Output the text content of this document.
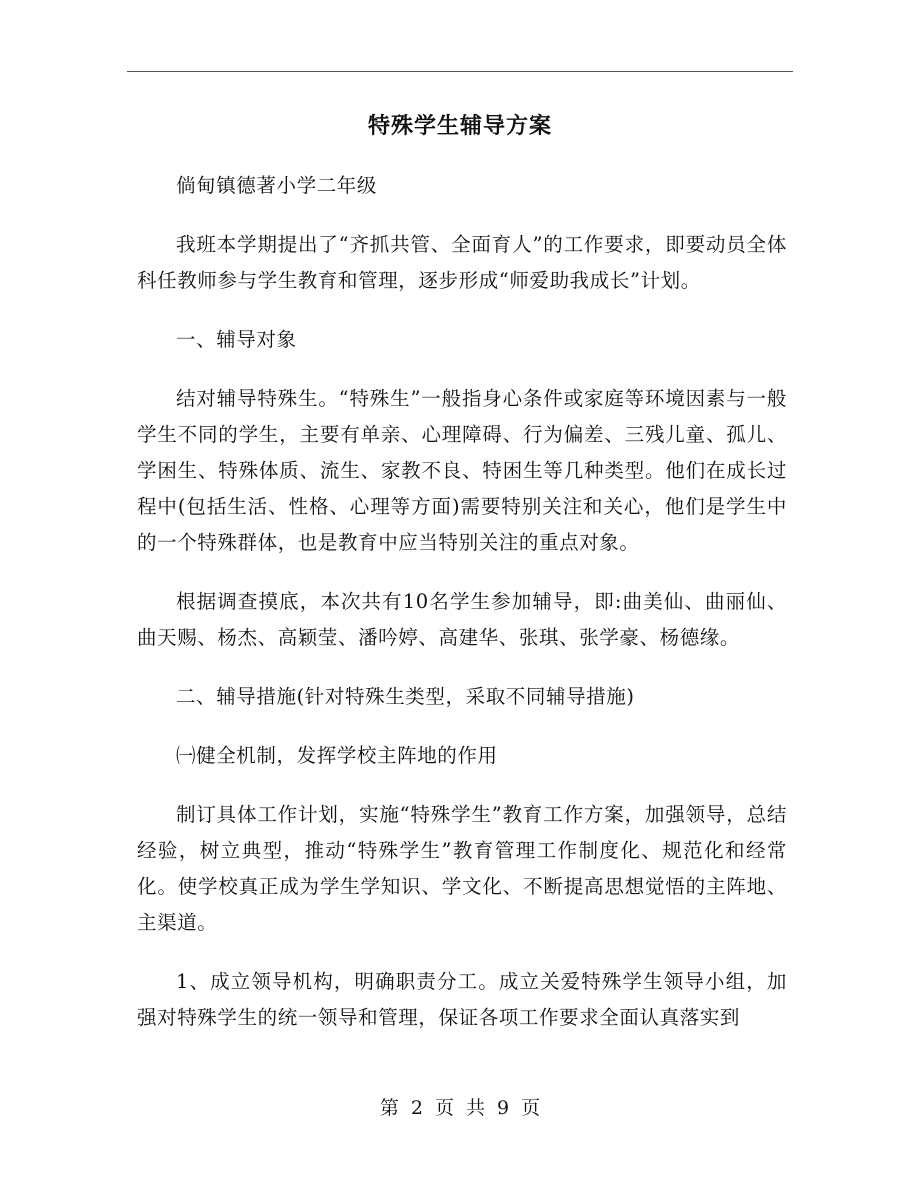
特殊学生辅导方案

倘甸镇德著小学二年级

我班本学期提出了“齐抓共管、全面育人”的工作要求，即要动员全体科任教师参与学生教育和管理，逐步形成“师爱助我成长”计划。

一、辅导对象

结对辅导特殊生。“特殊生”一般指身心条件或家庭等环境因素与一般学生不同的学生，主要有单亲、心理障碍、行为偏差、三残儿童、孤儿、学困生、特殊体质、流生、家教不良、特困生等几种类型。他们在成长过程中(包括生活、性格、心理等方面)需要特别关注和关心，他们是学生中的一个特殊群体，也是教育中应当特别关注的重点对象。

根据调查摸底，本次共有10名学生参加辅导，即:曲美仙、曲丽仙、曲天赐、杨杰、高颖莹、潘吟婷、高建华、张琪、张学豪、杨德缘。

二、辅导措施(针对特殊生类型，采取不同辅导措施)

㈠健全机制，发挥学校主阵地的作用

制订具体工作计划，实施“特殊学生”教育工作方案，加强领导，总结经验，树立典型，推动“特殊学生”教育管理工作制度化、规范化和经常化。使学校真正成为学生学知识、学文化、不断提高思想觉悟的主阵地、主渠道。

1、成立领导机构，明确职责分工。成立关爱特殊学生领导小组，加强对特殊学生的统一领导和管理，保证各项工作要求全面认真落实到

第 2 页 共 9 页
